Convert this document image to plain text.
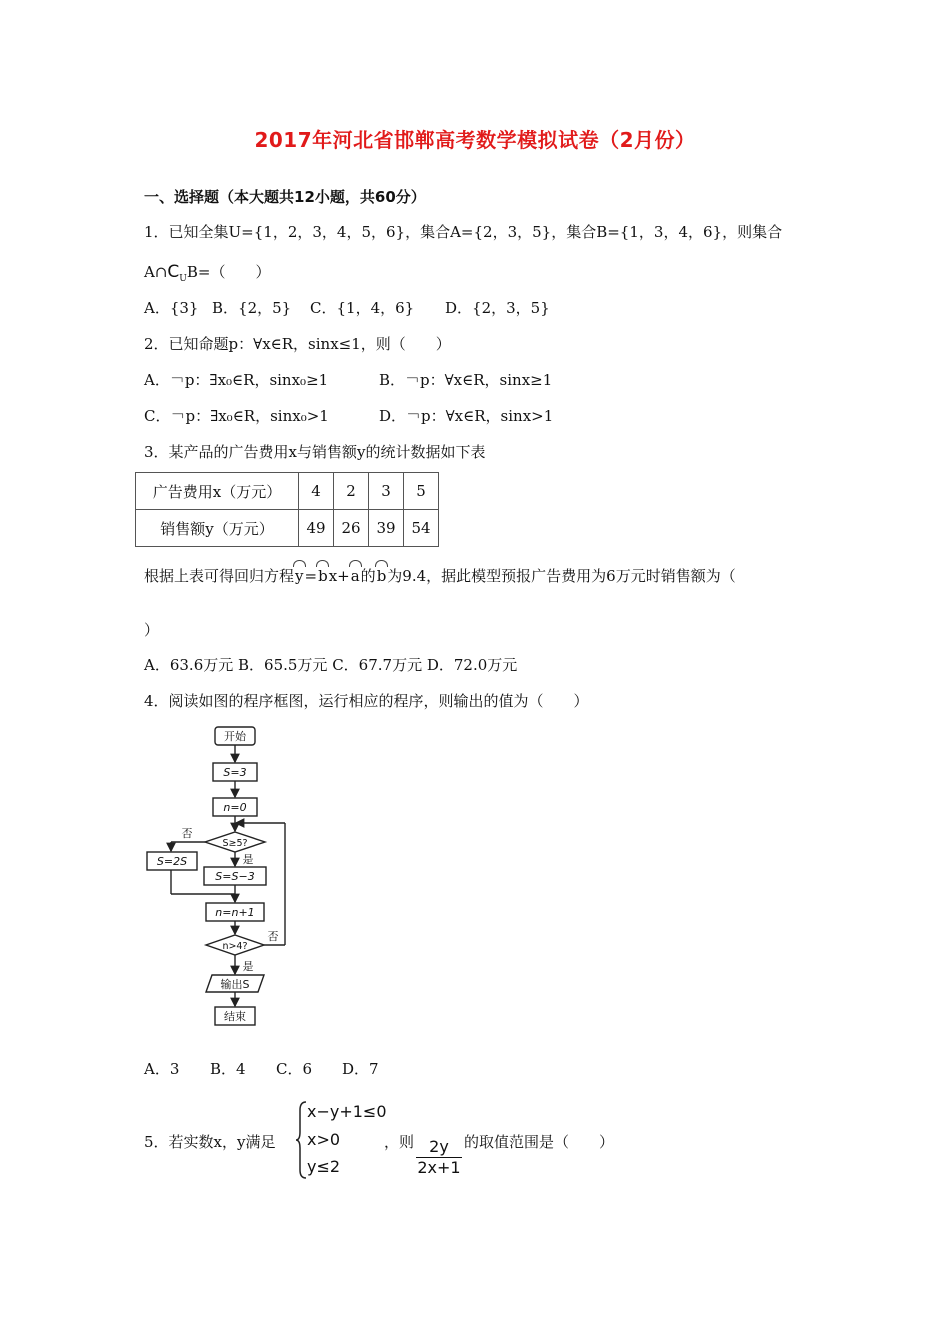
2017年河北省邯郸高考数学模拟试卷（2月份）
一、选择题（本大题共12小题，共60分）
1．已知全集U={1，2，3，4，5，6}，集合A={2，3，5}，集合B={1，3，4，6}，则集合
$A\cap C_UB=$（　　）
A．{3} B．{2，5} C．{1，4，6} D．{2，3，5}
2．已知命题p：∀x∈R，sinx≤1，则（　　）
A．￢p：∃x₀∈R，sinx₀≥1	B．￢p：∀x∈R，sinx≥1
C．￢p：∃x₀∈R，sinx₀>1	D．￢p：∀x∈R，sinx>1
3．某产品的广告费用x与销售额y的统计数据如下表
广告费用x（万元）	4	2	3	5
销售额y（万元）	49	26	39	54
根据上表可得回归方程y=bx+a的b为9.4，据此模型预报广告费用为6万元时销售额为（
）
A．63.6万元 B．65.5万元 C．67.7万元 D．72.0万元
4．阅读如图的程序框图，运行相应的程序，则输出的值为（　　）
开始
S=3
n=0
S≥5?
否
是
S=2S
S=S−3
n=n+1
n>4?
否
是
输出S
结束
A．3 B．4 C．6 D．7
5．若实数x，y满足
x−y+1≤0
x>0
y≤2
，则 $\frac{2y}{2x+1}$ 的取值范围是（　　）
